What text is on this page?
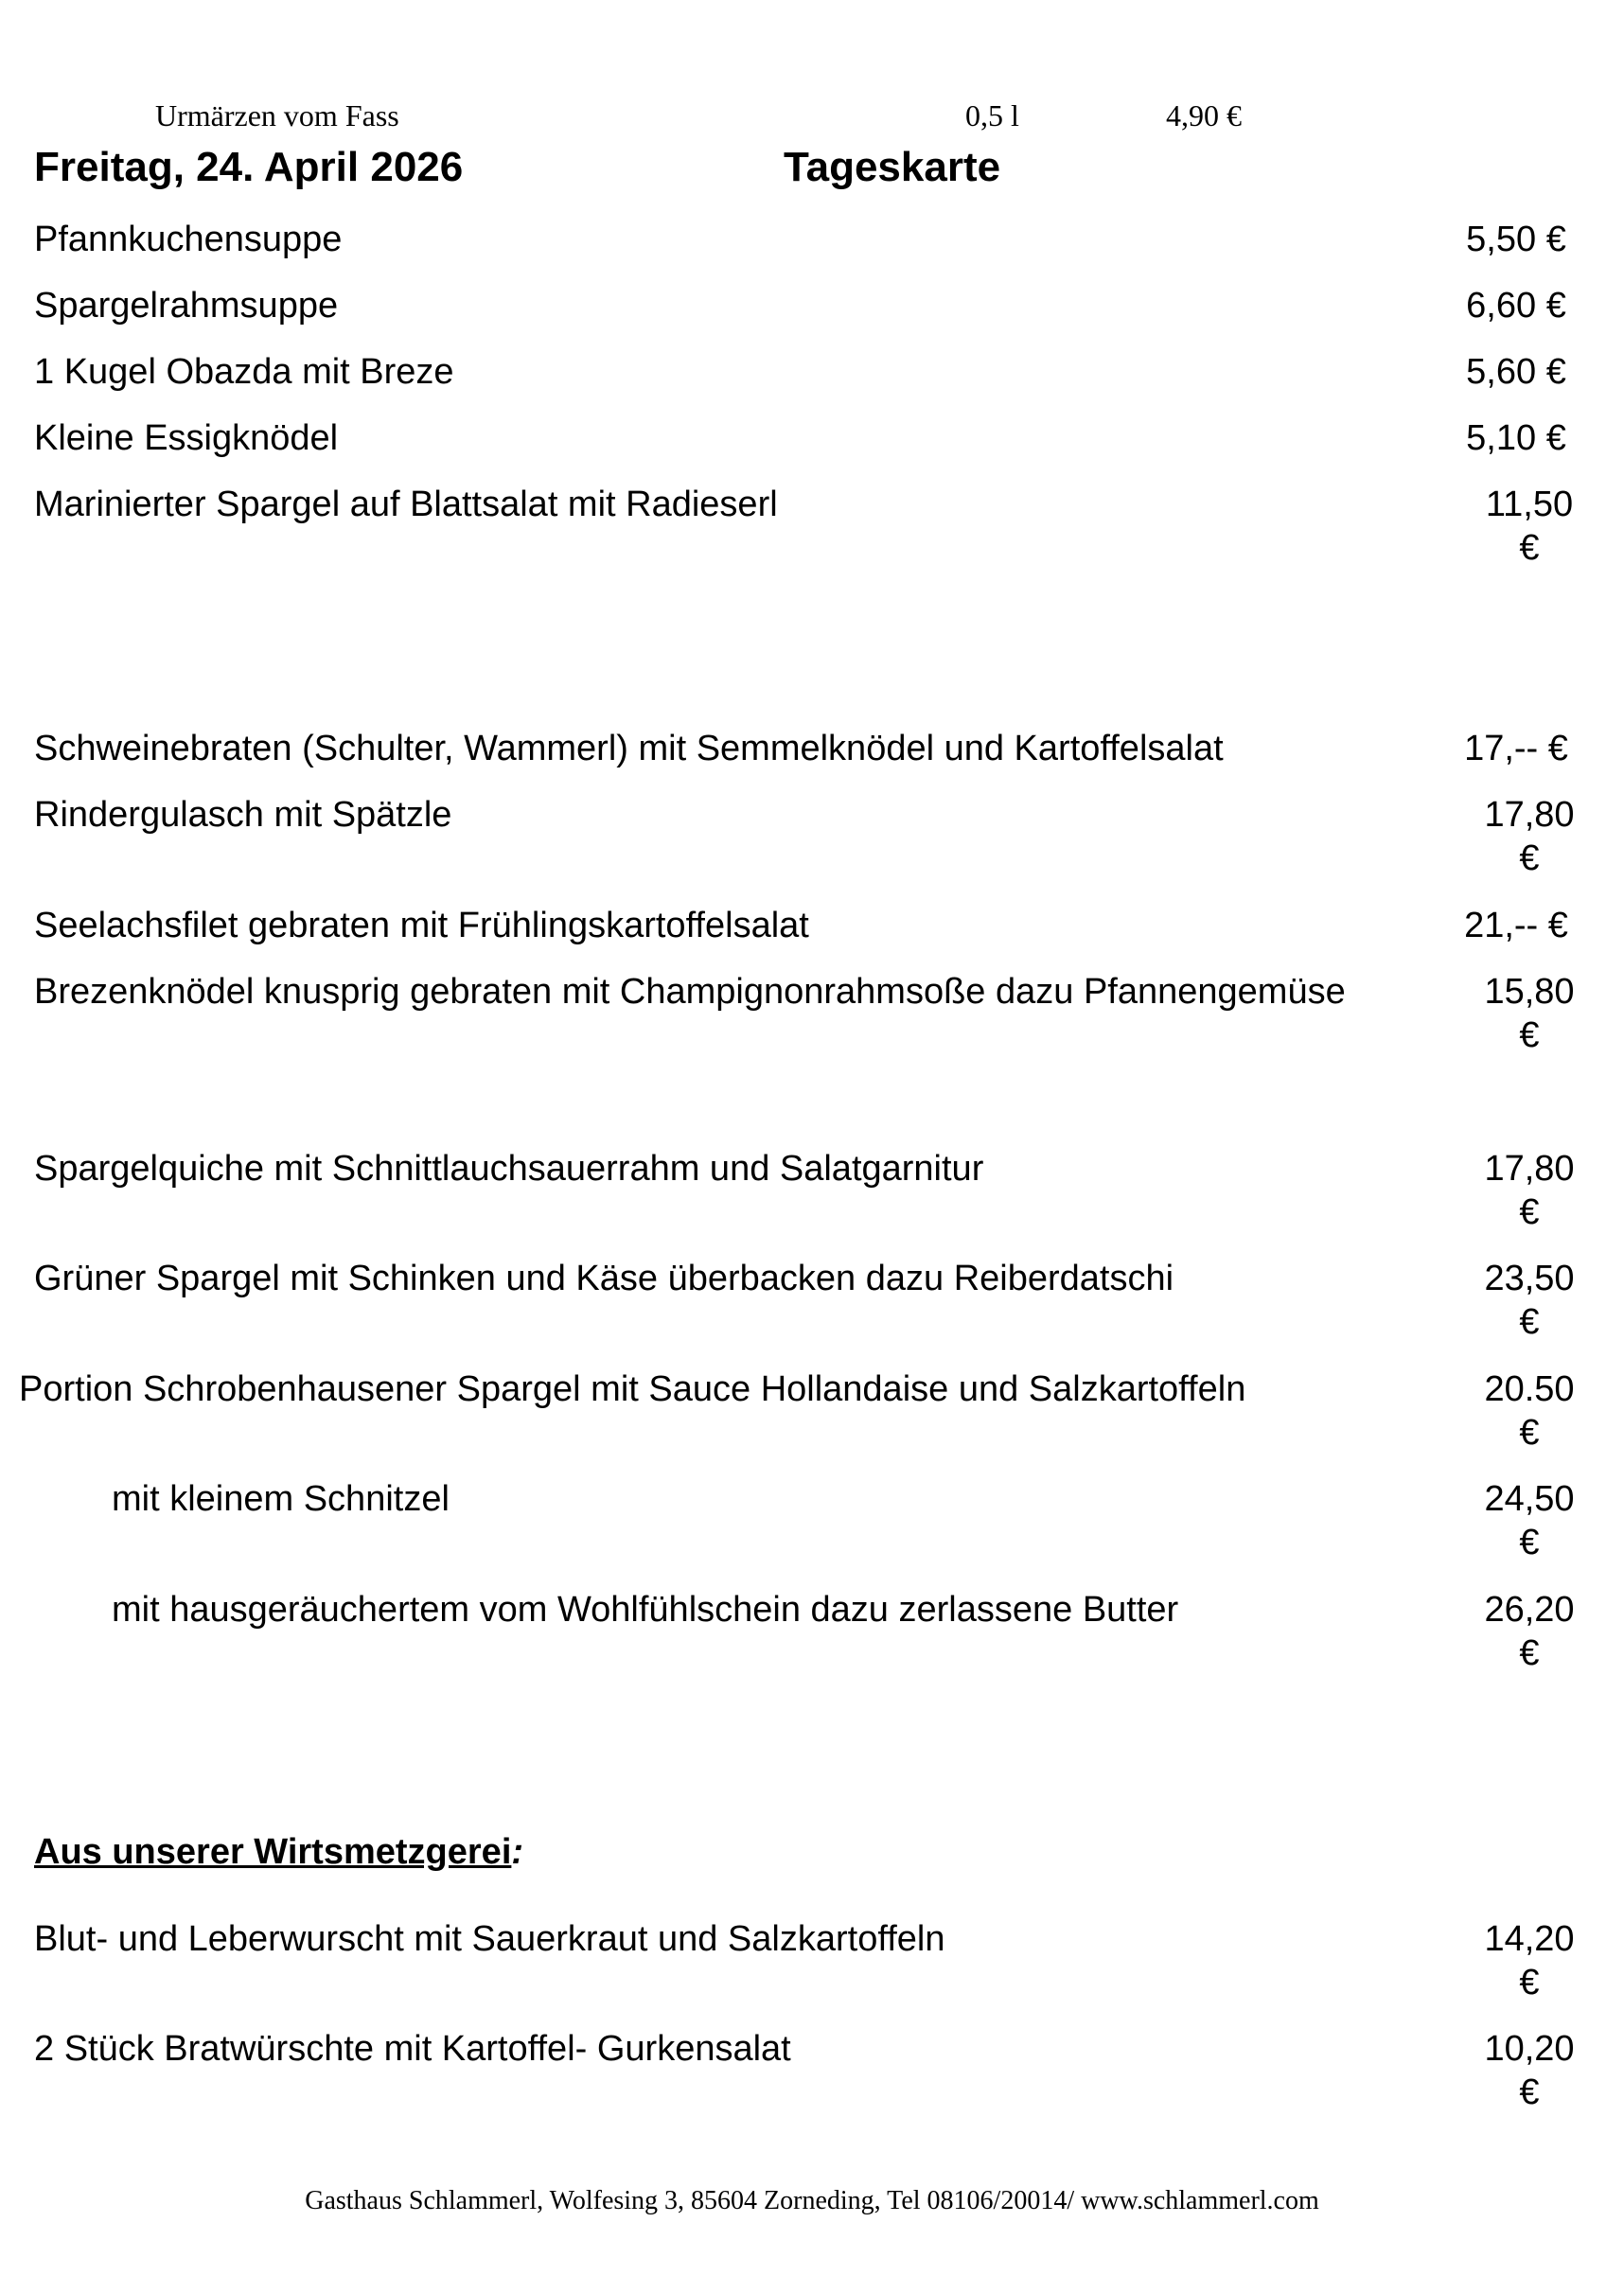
Urmärzen vom Fass	0,5 l	4,90 €
Freitag, 24. April 2026	Tageskarte
Pfannkuchensuppe	5,50 €
Spargelrahmsuppe	6,60 €
1 Kugel Obazda mit Breze	5,60 €
Kleine Essigknödel	5,10 €
Marinierter Spargel auf Blattsalat mit Radieserl	11,50 €
Schweinebraten (Schulter, Wammerl) mit Semmelknödel und Kartoffelsalat	17,-- €
Rindergulasch mit Spätzle	17,80 €
Seelachsfilet gebraten mit Frühlingskartoffelsalat	21,-- €
Brezenknödel knusprig gebraten mit Champignonrahmsoße dazu Pfannengemüse	15,80 €
Spargelquiche mit Schnittlauchsauerrahm und Salatgarnitur	17,80 €
Grüner Spargel mit Schinken und Käse überbacken dazu Reiberdatschi	23,50 €
Portion Schrobenhausener Spargel mit Sauce Hollandaise und Salzkartoffeln	20.50 €
mit kleinem Schnitzel	24,50 €
mit hausgeräuchertem vom Wohlfühlschein dazu zerlassene Butter	26,20 €
Aus unserer Wirtsmetzgerei:
Blut- und Leberwurscht mit Sauerkraut und Salzkartoffeln	14,20 €
2 Stück Bratwürschte mit Kartoffel- Gurkensalat	10,20 €
Gasthaus Schlammerl, Wolfesing 3, 85604 Zorneding, Tel 08106/20014/ www.schlammerl.com
